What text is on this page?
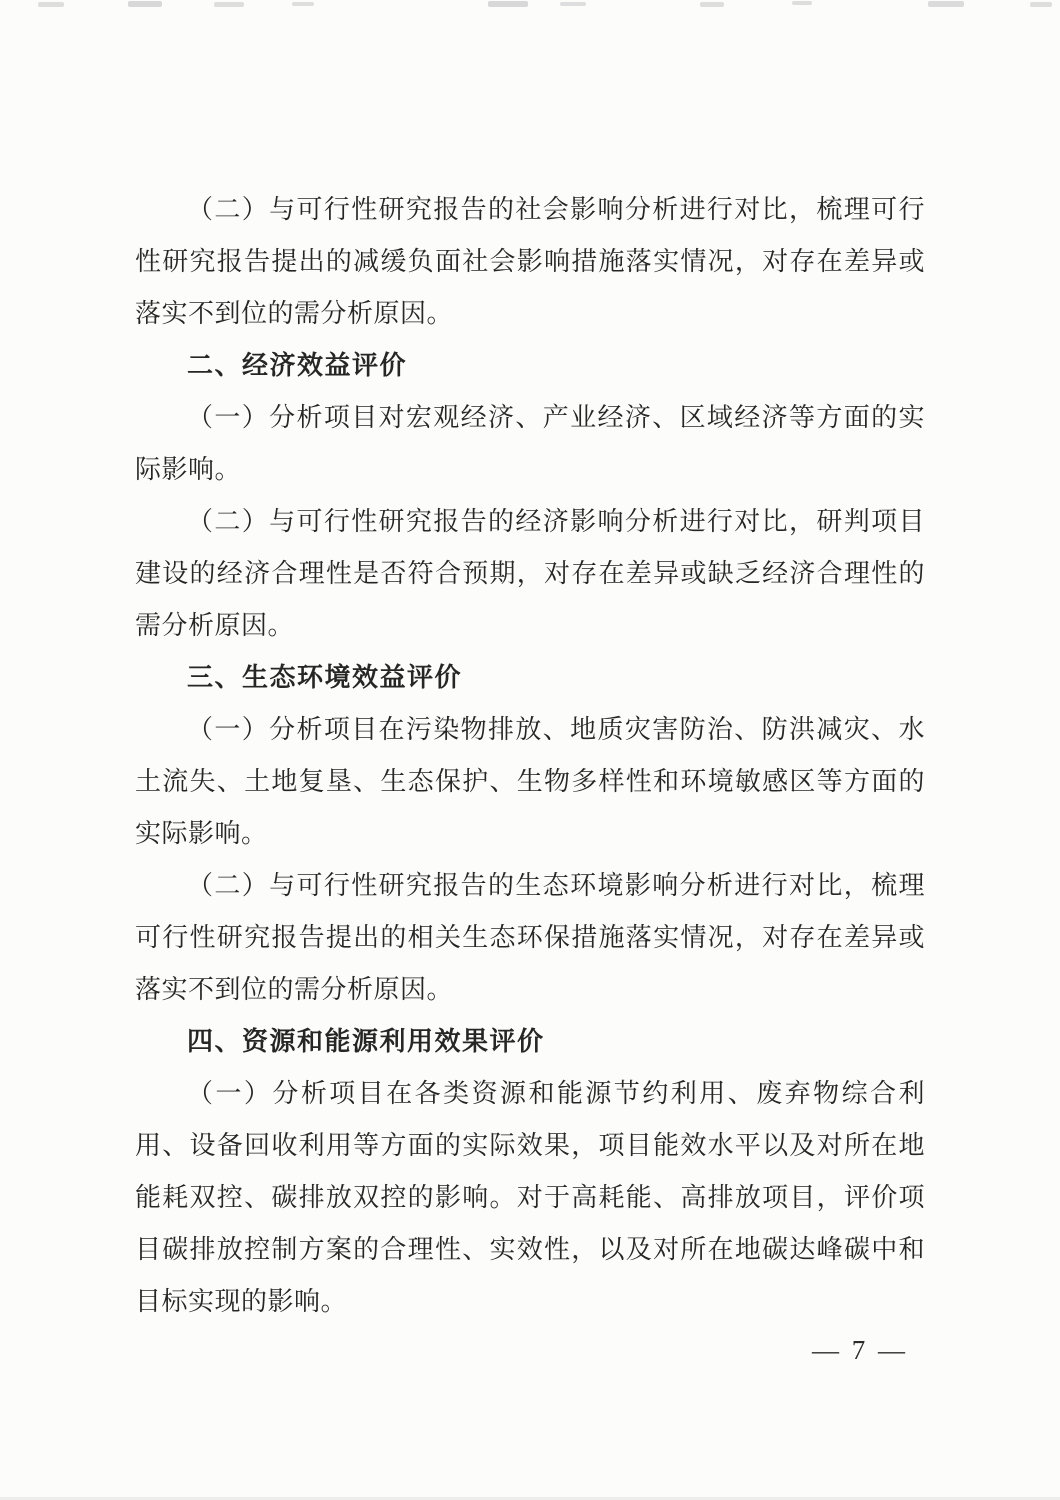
（二）与可行性研究报告的社会影响分析进行对比，梳理可行性研究报告提出的减缓负面社会影响措施落实情况，对存在差异或落实不到位的需分析原因。

二、经济效益评价

（一）分析项目对宏观经济、产业经济、区域经济等方面的实际影响。

（二）与可行性研究报告的经济影响分析进行对比，研判项目建设的经济合理性是否符合预期，对存在差异或缺乏经济合理性的需分析原因。

三、生态环境效益评价

（一）分析项目在污染物排放、地质灾害防治、防洪减灾、水土流失、土地复垦、生态保护、生物多样性和环境敏感区等方面的实际影响。

（二）与可行性研究报告的生态环境影响分析进行对比，梳理可行性研究报告提出的相关生态环保措施落实情况，对存在差异或落实不到位的需分析原因。

四、资源和能源利用效果评价

（一）分析项目在各类资源和能源节约利用、废弃物综合利用、设备回收利用等方面的实际效果，项目能效水平以及对所在地能耗双控、碳排放双控的影响。对于高耗能、高排放项目，评价项目碳排放控制方案的合理性、实效性，以及对所在地碳达峰碳中和目标实现的影响。

— 7 —
